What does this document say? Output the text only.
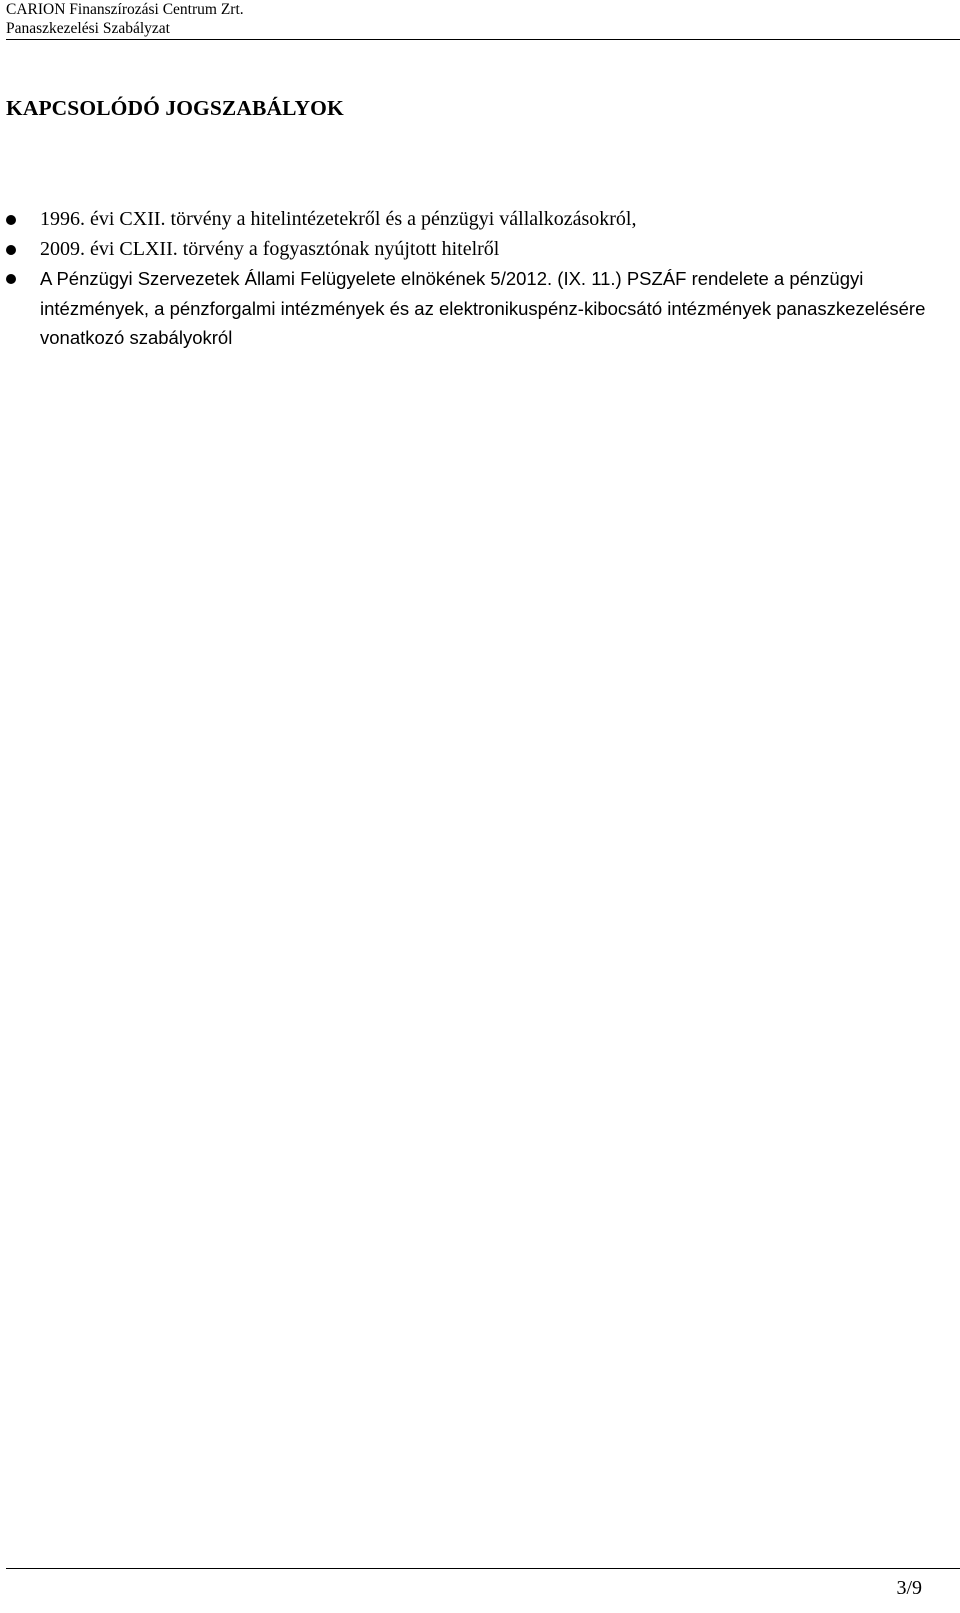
CARION Finanszírozási Centrum Zrt.
Panaszkezelési Szabályzat
KAPCSOLÓDÓ JOGSZABÁLYOK
1996. évi CXII. törvény a hitelintézetekről és a pénzügyi vállalkozásokról,
2009. évi CLXII. törvény a fogyasztónak nyújtott hitelről
A Pénzügyi Szervezetek Állami Felügyelete elnökének 5/2012. (IX. 11.) PSZÁF rendelete a pénzügyi intézmények, a pénzforgalmi intézmények és az elektronikuspénz-kibocsátó intézmények panaszkezelésére vonatkozó szabályokról
3/9
